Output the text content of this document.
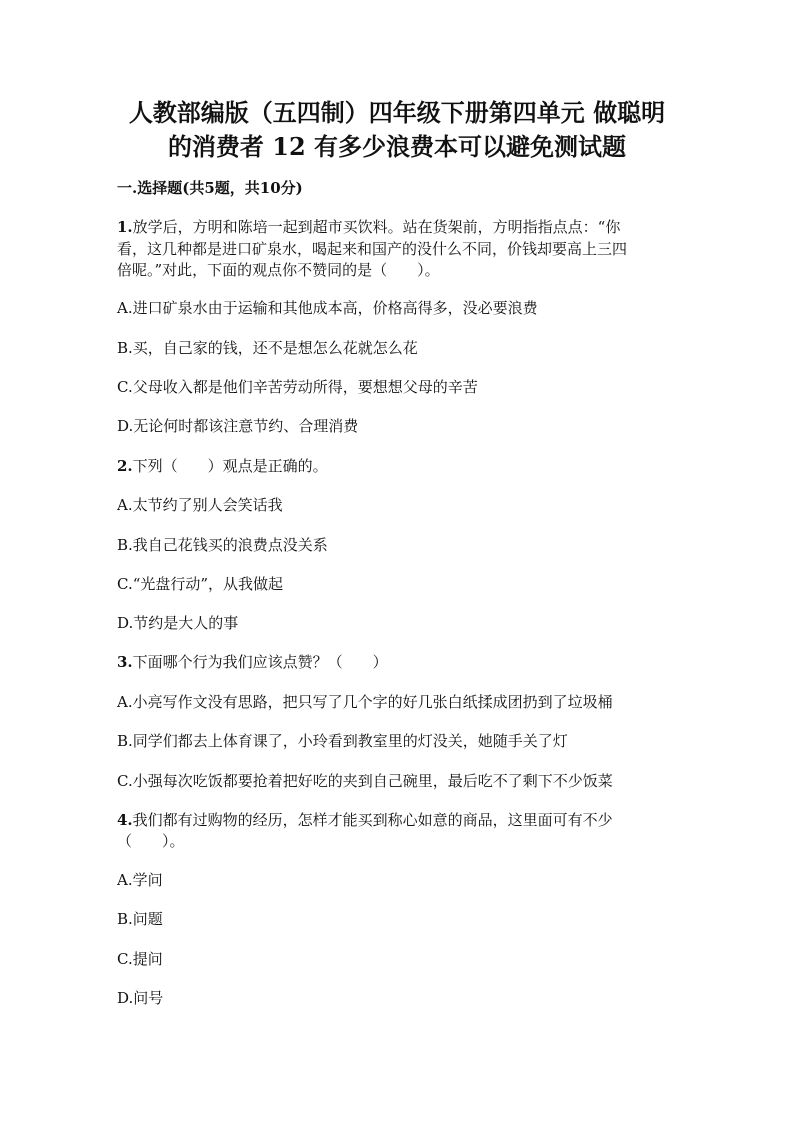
人教部编版（五四制）四年级下册第四单元 做聪明
的消费者 12 有多少浪费本可以避免测试题

一.选择题(共5题，共10分)

1.放学后，方明和陈培一起到超市买饮料。站在货架前，方明指指点点：“你

看，这几种都是进口矿泉水，喝起来和国产的没什么不同，价钱却要高上三四

倍呢。”对此，下面的观点你不赞同的是（　　）。

A.进口矿泉水由于运输和其他成本高，价格高得多，没必要浪费

B.买，自己家的钱，还不是想怎么花就怎么花

C.父母收入都是他们辛苦劳动所得，要想想父母的辛苦

D.无论何时都该注意节约、合理消费

2.下列（　　）观点是正确的。

A.太节约了别人会笑话我

B.我自己花钱买的浪费点没关系

C.“光盘行动”，从我做起

D.节约是大人的事

3.下面哪个行为我们应该点赞？（　　）

A.小亮写作文没有思路，把只写了几个字的好几张白纸揉成团扔到了垃圾桶

B.同学们都去上体育课了，小玲看到教室里的灯没关，她随手关了灯

C.小强每次吃饭都要抢着把好吃的夹到自己碗里，最后吃不了剩下不少饭菜

4.我们都有过购物的经历，怎样才能买到称心如意的商品，这里面可有不少

（　　）。

A.学问

B.问题

C.提问

D.问号
